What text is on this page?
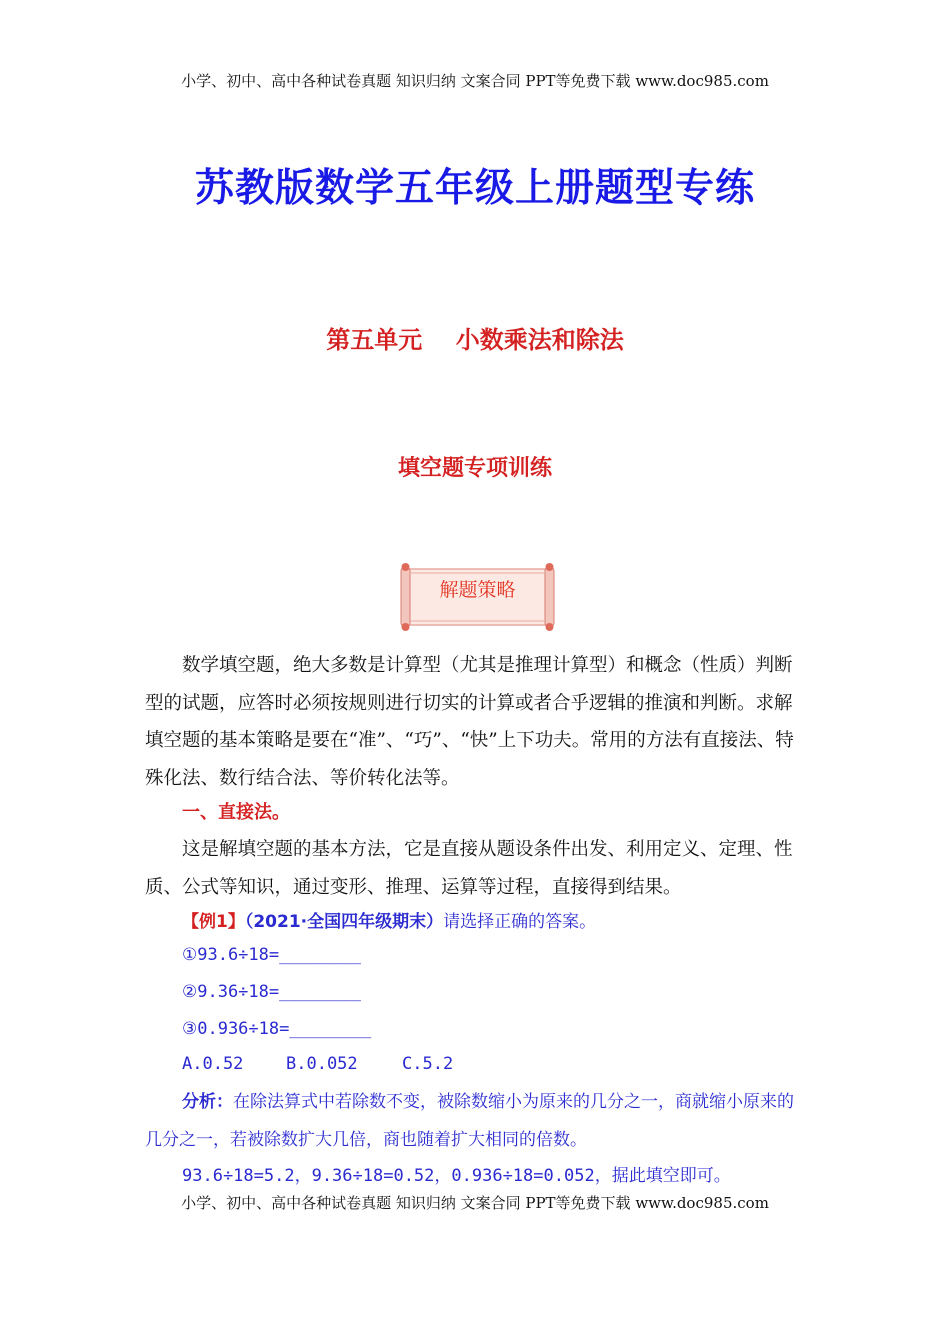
小学、初中、高中各种试卷真题 知识归纳 文案合同 PPT等免费下载 www.doc985.com
苏教版数学五年级上册题型专练
第五单元    小数乘法和除法
填空题专项训练
解题策略
数学填空题，绝大多数是计算型（尤其是推理计算型）和概念（性质）判断型的试题，应答时必须按规则进行切实的计算或者合乎逻辑的推演和判断。求解填空题的基本策略是要在“准”、“巧”、“快”上下功夫。常用的方法有直接法、特殊化法、数行结合法、等价转化法等。
一、直接法。
这是解填空题的基本方法，它是直接从题设条件出发、利用定义、定理、性质、公式等知识，通过变形、推理、运算等过程，直接得到结果。
【例1】（2021·全国四年级期末）请选择正确的答案。
①93.6÷18=________
②9.36÷18=________
③0.936÷18=________
A.0.52	B.0.052	C.5.2
分析：在除法算式中若除数不变，被除数缩小为原来的几分之一，商就缩小原来的几分之一，若被除数扩大几倍，商也随着扩大相同的倍数。
93.6÷18=5.2，9.36÷18=0.52，0.936÷18=0.052，据此填空即可。
小学、初中、高中各种试卷真题 知识归纳 文案合同 PPT等免费下载 www.doc985.com
